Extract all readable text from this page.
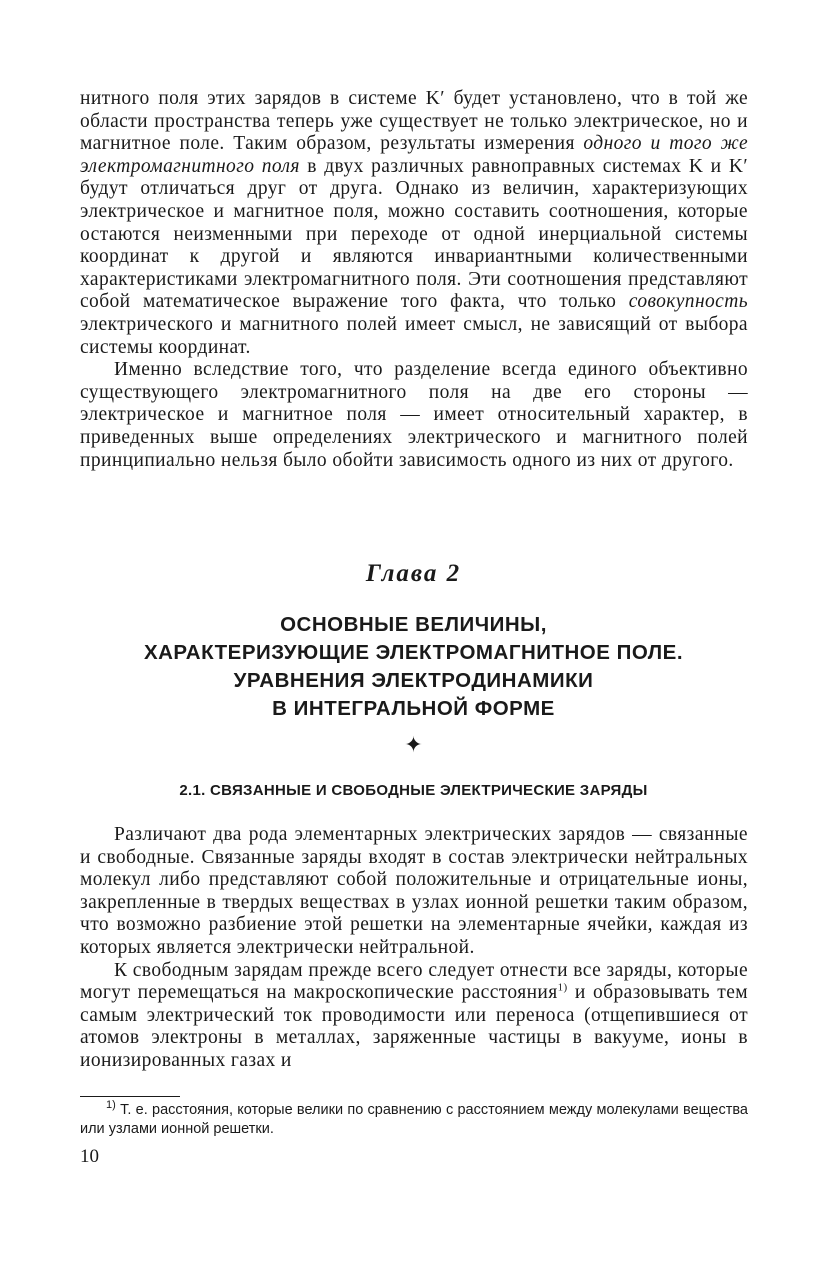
нитного поля этих зарядов в системе K′ будет установлено, что в той же области пространства теперь уже существует не только электрическое, но и магнитное поле. Таким образом, результаты измерения одного и того же электромагнитного поля в двух различных равноправных системах K и K′ будут отличаться друг от друга. Однако из величин, характеризующих электрическое и магнитное поля, можно составить соотношения, которые остаются неизменными при переходе от одной инерциальной системы координат к другой и являются инвариантными количественными характеристиками электромагнитного поля. Эти соотношения представляют собой математическое выражение того факта, что только совокупность электрического и магнитного полей имеет смысл, не зависящий от выбора системы координат.

Именно вследствие того, что разделение всегда единого объективно существующего электромагнитного поля на две его стороны — электрическое и магнитное поля — имеет относительный характер, в приведенных выше определениях электрического и магнитного полей принципиально нельзя было обойти зависимость одного из них от другого.

Глава 2
ОСНОВНЫЕ ВЕЛИЧИНЫ,
ХАРАКТЕРИЗУЮЩИЕ ЭЛЕКТРОМАГНИТНОЕ ПОЛЕ.
УРАВНЕНИЯ ЭЛЕКТРОДИНАМИКИ
В ИНТЕГРАЛЬНОЙ ФОРМЕ
✦
2.1. СВЯЗАННЫЕ И СВОБОДНЫЕ ЭЛЕКТРИЧЕСКИЕ ЗАРЯДЫ

Различают два рода элементарных электрических зарядов — связанные и свободные. Связанные заряды входят в состав электрически нейтральных молекул либо представляют собой положительные и отрицательные ионы, закрепленные в твердых веществах в узлах ионной решетки таким образом, что возможно разбиение этой решетки на элементарные ячейки, каждая из которых является электрически нейтральной.

К свободным зарядам прежде всего следует отнести все заряды, которые могут перемещаться на макроскопические расстояния$^{1)}$ и образовывать тем самым электрический ток проводимости или переноса (отщепившиеся от атомов электроны в металлах, заряженные частицы в вакууме, ионы в ионизированных газах и

$^{1)}$ Т. е. расстояния, которые велики по сравнению с расстоянием между молекулами вещества или узлами ионной решетки.
10
